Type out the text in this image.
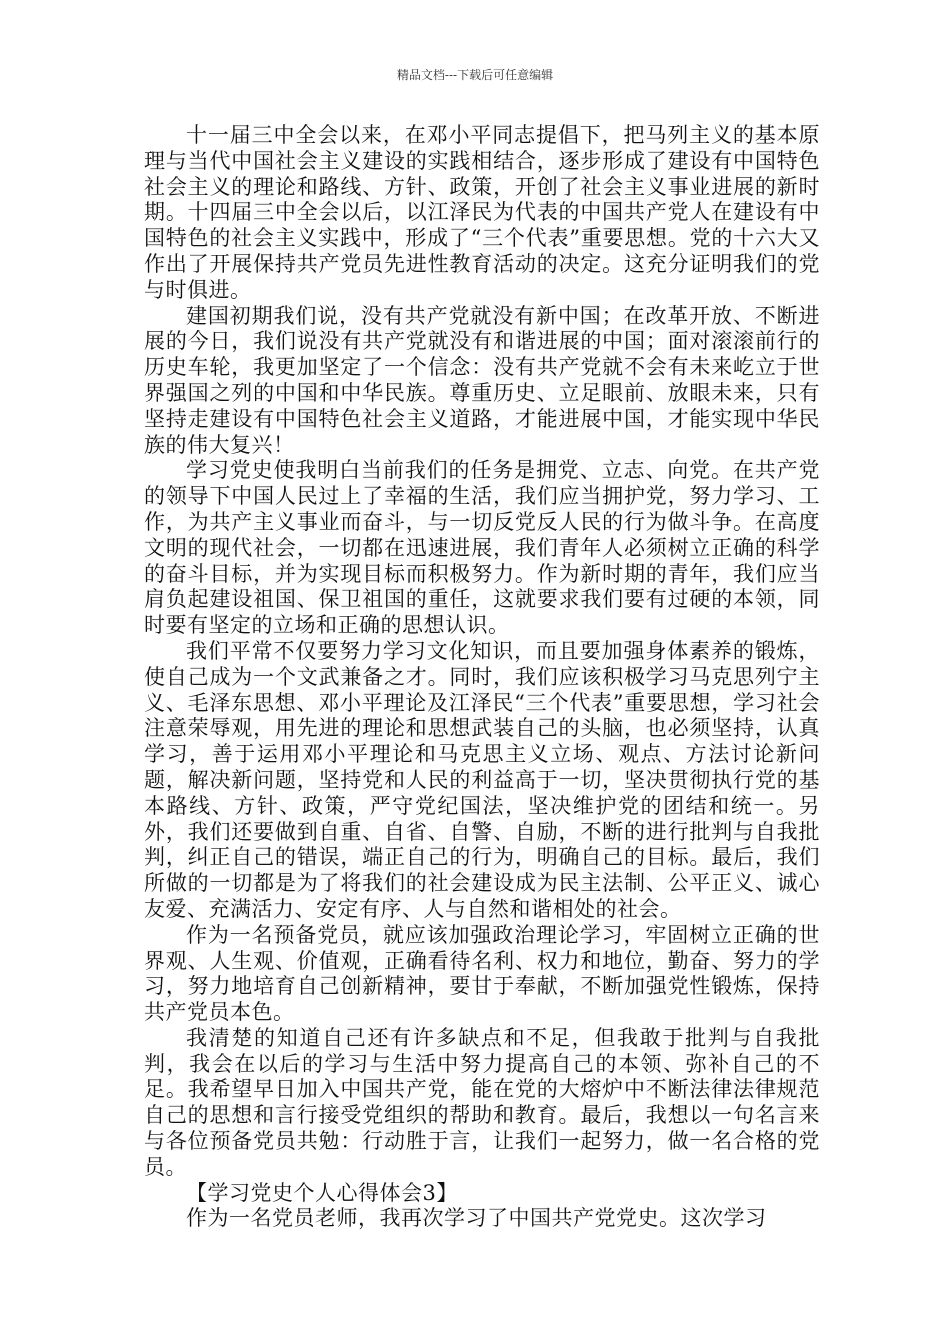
精品文档---下载后可任意编辑

十一届三中全会以来，在邓小平同志提倡下，把马列主义的基本原理与当代中国社会主义建设的实践相结合，逐步形成了建设有中国特色社会主义的理论和路线、方针、政策，开创了社会主义事业进展的新时期。十四届三中全会以后，以江泽民为代表的中国共产党人在建设有中国特色的社会主义实践中，形成了“三个代表”重要思想。党的十六大又作出了开展保持共产党员先进性教育活动的决定。这充分证明我们的党与时俱进。

建国初期我们说，没有共产党就没有新中国；在改革开放、不断进展的今日，我们说没有共产党就没有和谐进展的中国；面对滚滚前行的历史车轮，我更加坚定了一个信念：没有共产党就不会有未来屹立于世界强国之列的中国和中华民族。尊重历史、立足眼前、放眼未来，只有坚持走建设有中国特色社会主义道路，才能进展中国，才能实现中华民族的伟大复兴！

学习党史使我明白当前我们的任务是拥党、立志、向党。在共产党的领导下中国人民过上了幸福的生活，我们应当拥护党，努力学习、工作，为共产主义事业而奋斗，与一切反党反人民的行为做斗争。在高度文明的现代社会，一切都在迅速进展，我们青年人必须树立正确的科学的奋斗目标，并为实现目标而积极努力。作为新时期的青年，我们应当肩负起建设祖国、保卫祖国的重任，这就要求我们要有过硬的本领，同时要有坚定的立场和正确的思想认识。

我们平常不仅要努力学习文化知识，而且要加强身体素养的锻炼，使自己成为一个文武兼备之才。同时，我们应该积极学习马克思列宁主义、毛泽东思想、邓小平理论及江泽民“三个代表”重要思想，学习社会注意荣辱观，用先进的理论和思想武装自己的头脑，也必须坚持，认真学习，善于运用邓小平理论和马克思主义立场、观点、方法讨论新问题，解决新问题，坚持党和人民的利益高于一切，坚决贯彻执行党的基本路线、方针、政策，严守党纪国法，坚决维护党的团结和统一。另外，我们还要做到自重、自省、自警、自励，不断的进行批判与自我批判，纠正自己的错误，端正自己的行为，明确自己的目标。最后，我们所做的一切都是为了将我们的社会建设成为民主法制、公平正义、诚心友爱、充满活力、安定有序、人与自然和谐相处的社会。

作为一名预备党员，就应该加强政治理论学习，牢固树立正确的世界观、人生观、价值观，正确看待名利、权力和地位，勤奋、努力的学习，努力地培育自己创新精神，要甘于奉献，不断加强党性锻炼，保持共产党员本色。

我清楚的知道自己还有许多缺点和不足，但我敢于批判与自我批判，我会在以后的学习与生活中努力提高自己的本领、弥补自己的不足。我希望早日加入中国共产党，能在党的大熔炉中不断法律法律规范自己的思想和言行接受党组织的帮助和教育。最后，我想以一句名言来与各位预备党员共勉：行动胜于言，让我们一起努力，做一名合格的党员。

【学习党史个人心得体会3】

作为一名党员老师，我再次学习了中国共产党党史。这次学习
